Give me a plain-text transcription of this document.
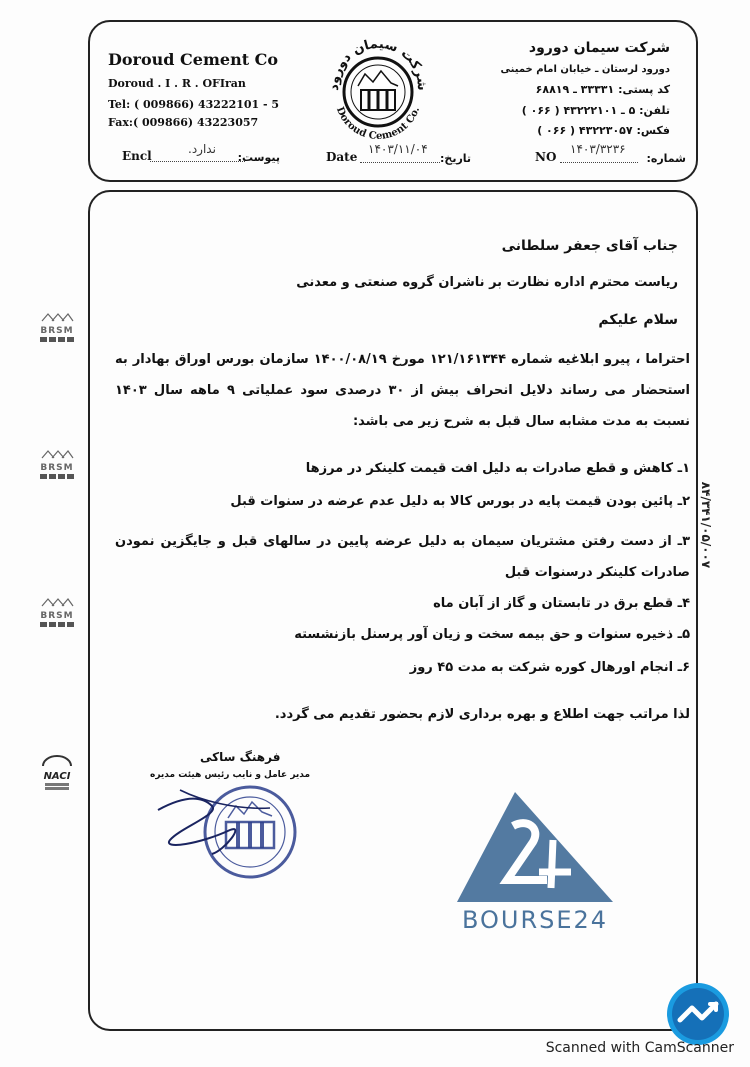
Doroud Cement Co
Doroud . I . R . OFIran
Tel: ( 009866) 43222101 - 5
Fax:( 009866) 43223057
شرکت سیمان دورود
دورود لرستان ـ خیابان امام خمینی
کد پستی: ۳۳۳۳۱ ـ ۶۸۸۱۹
تلفن: ۵ ـ ۴۳۲۲۲۱۰۱ ( ۰۶۶ )
فکس: ۴۳۲۲۳۰۵۷ ( ۰۶۶ )
شرکت سیمان دورود
Doroud Cement Co.
Encl	پیوست:
ندارد.
Date	تاریخ:
۱۴۰۳/۱۱/۰۴
NO	شماره:
۱۴۰۳/۳۲۳۶
جناب آقای جعفر سلطانی
ریاست محترم اداره نظارت بر ناشران گروه صنعتی و معدنی
سلام علیکم
احتراما ، پیرو ابلاغیه شماره ۱۲۱/۱۶۱۳۴۴ مورخ ۱۴۰۰/۰۸/۱۹ سازمان بورس اوراق بهادار به استحضار می رساند دلایل انحراف بیش از ۳۰ درصدی سود عملیاتی ۹ ماهه سال ۱۴۰۳ نسبت به مدت مشابه سال قبل به شرح زیر می باشد:
۱ـ کاهش و قطع صادرات به دلیل افت قیمت کلینکر در مرزها
۲ـ پائین بودن قیمت پایه در بورس کالا به دلیل عدم عرضه در سنوات قبل
۳ـ از دست رفتن مشتریان سیمان به دلیل عرضه پایین در سالهای قبل و جایگزین نمودن صادرات کلینکر درسنوات قبل
۴ـ قطع برق در تابستان و گاز از آبان ماه
۵ـ ذخیره سنوات و حق بیمه سخت و زیان آور پرسنل بازنشسته
۶ـ انجام اورهال کوره شرکت به مدت ۴۵ روز
لذا مراتب جهت اطلاع و بهره برداری لازم بحضور تقدیم می گردد.
فرهنگ ساکی
مدیر عامل و نایب رئیس هیئت مدیره
BRSM
BRSM
BRSM
NACI
۸۴/۳۴۱/۰۵/۰۰۷
BOURSE24
Scanned with CamScanner
